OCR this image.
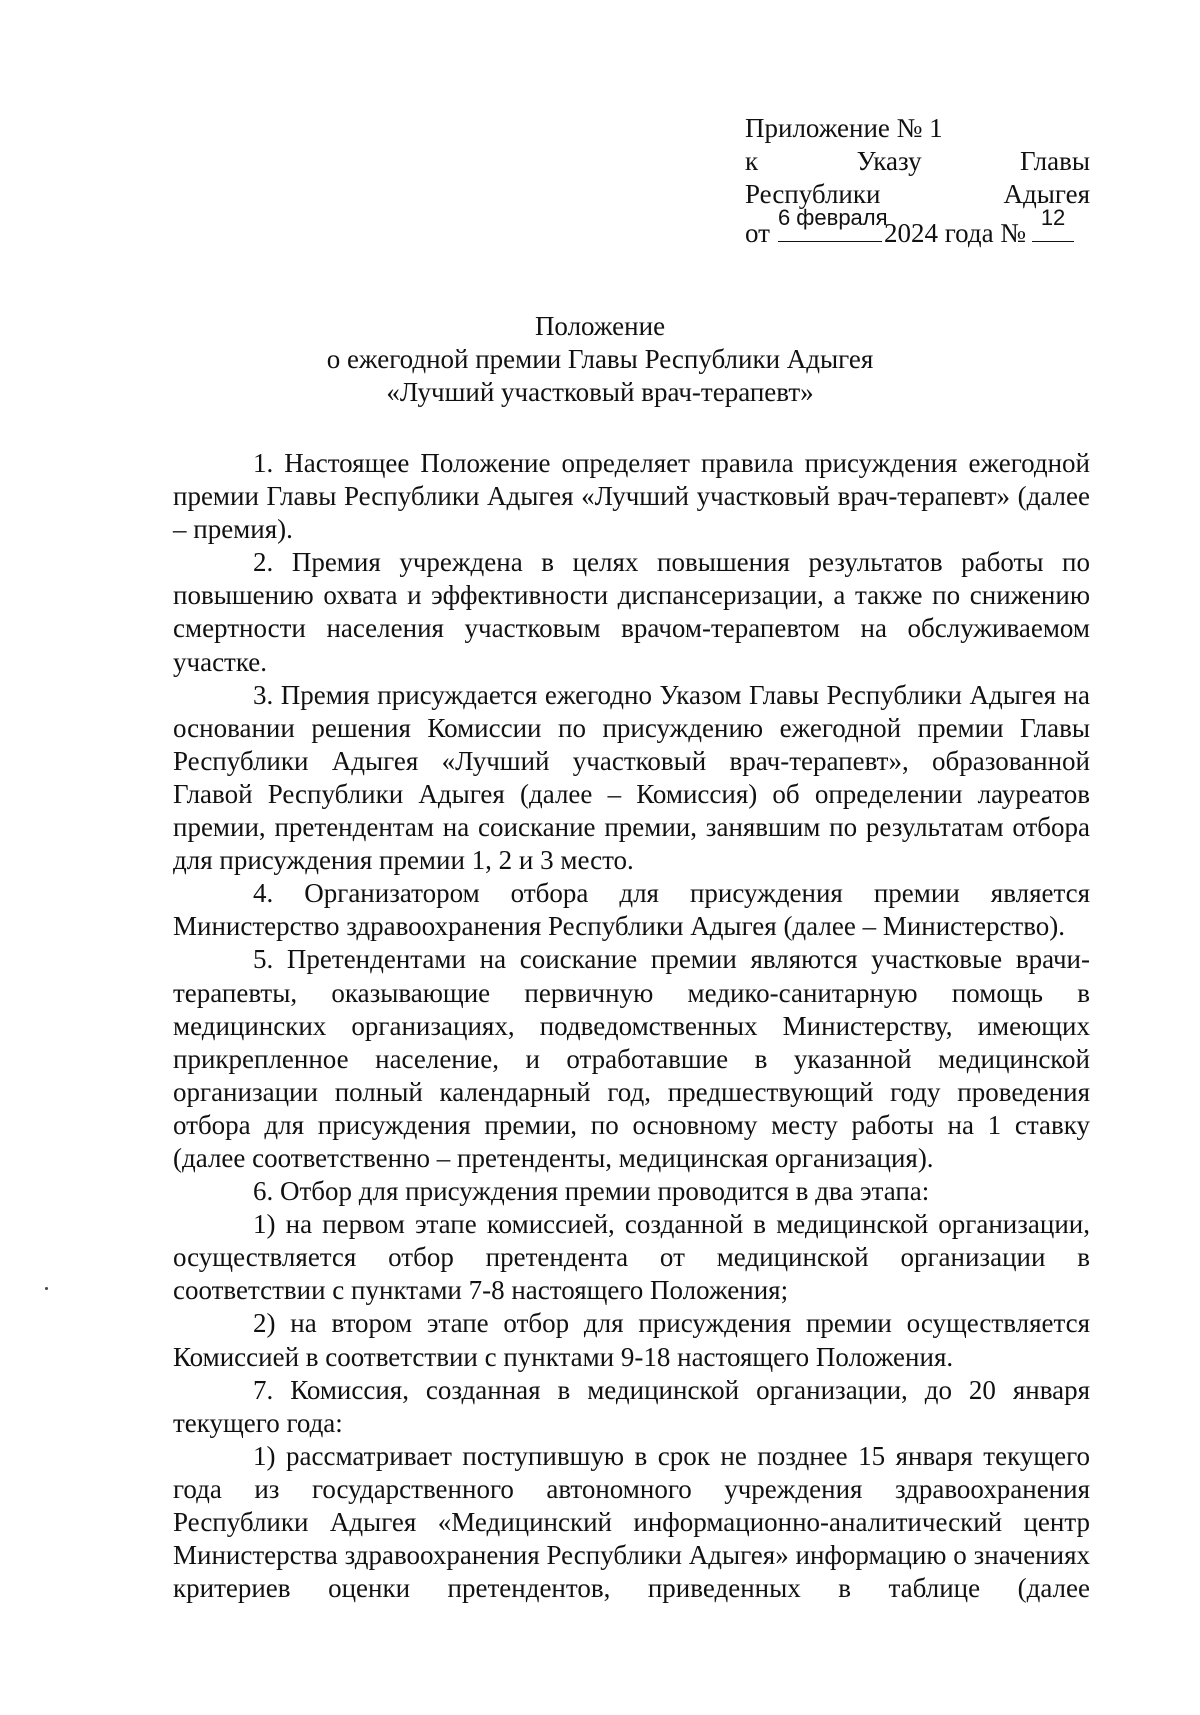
Приложение № 1
к	Указу	Главы
Республики	Адыгея
от
6 февраля
2024 года №
12
Положение
о ежегодной премии Главы Республики Адыгея
«Лучший участковый врач-терапевт»

1. Настоящее Положение определяет правила присуждения ежегодной премии Главы Республики Адыгея «Лучший участковый врач-терапевт» (далее – премия).

2. Премия учреждена в целях повышения результатов работы по повышению охвата и эффективности диспансеризации, а также по снижению смертности населения участковым врачом-терапевтом на обслуживаемом участке.

3. Премия присуждается ежегодно Указом Главы Республики Адыгея на основании решения Комиссии по присуждению ежегодной премии Главы Республики Адыгея «Лучший участковый врач-терапевт», образованной Главой Республики Адыгея (далее – Комиссия) об определении лауреатов премии, претендентам на соискание премии, занявшим по результатам отбора для присуждения премии 1, 2 и 3 место.

4. Организатором отбора для присуждения премии является Министерство здравоохранения Республики Адыгея (далее – Министерство).

5. Претендентами на соискание премии являются участковые врачи-терапевты, оказывающие первичную медико-санитарную помощь в медицинских организациях, подведомственных Министерству, имеющих прикрепленное население, и отработавшие в указанной медицинской организации полный календарный год, предшествующий году проведения отбора для присуждения премии, по основному месту работы на 1 ставку (далее соответственно – претенденты, медицинская организация).

6. Отбор для присуждения премии проводится в два этапа:

1) на первом этапе комиссией, созданной в медицинской организации, осуществляется отбор претендента от медицинской организации в соответствии с пунктами 7-8 настоящего Положения;

2) на втором этапе отбор для присуждения премии осуществляется Комиссией в соответствии с пунктами 9-18 настоящего Положения.

7. Комиссия, созданная в медицинской организации, до 20 января текущего года:

1) рассматривает поступившую в срок не позднее 15 января текущего года из государственного автономного учреждения здравоохранения Республики Адыгея «Медицинский информационно-аналитический центр Министерства здравоохранения Республики Адыгея» информацию о значениях критериев оценки претендентов, приведенных в таблице (далее
